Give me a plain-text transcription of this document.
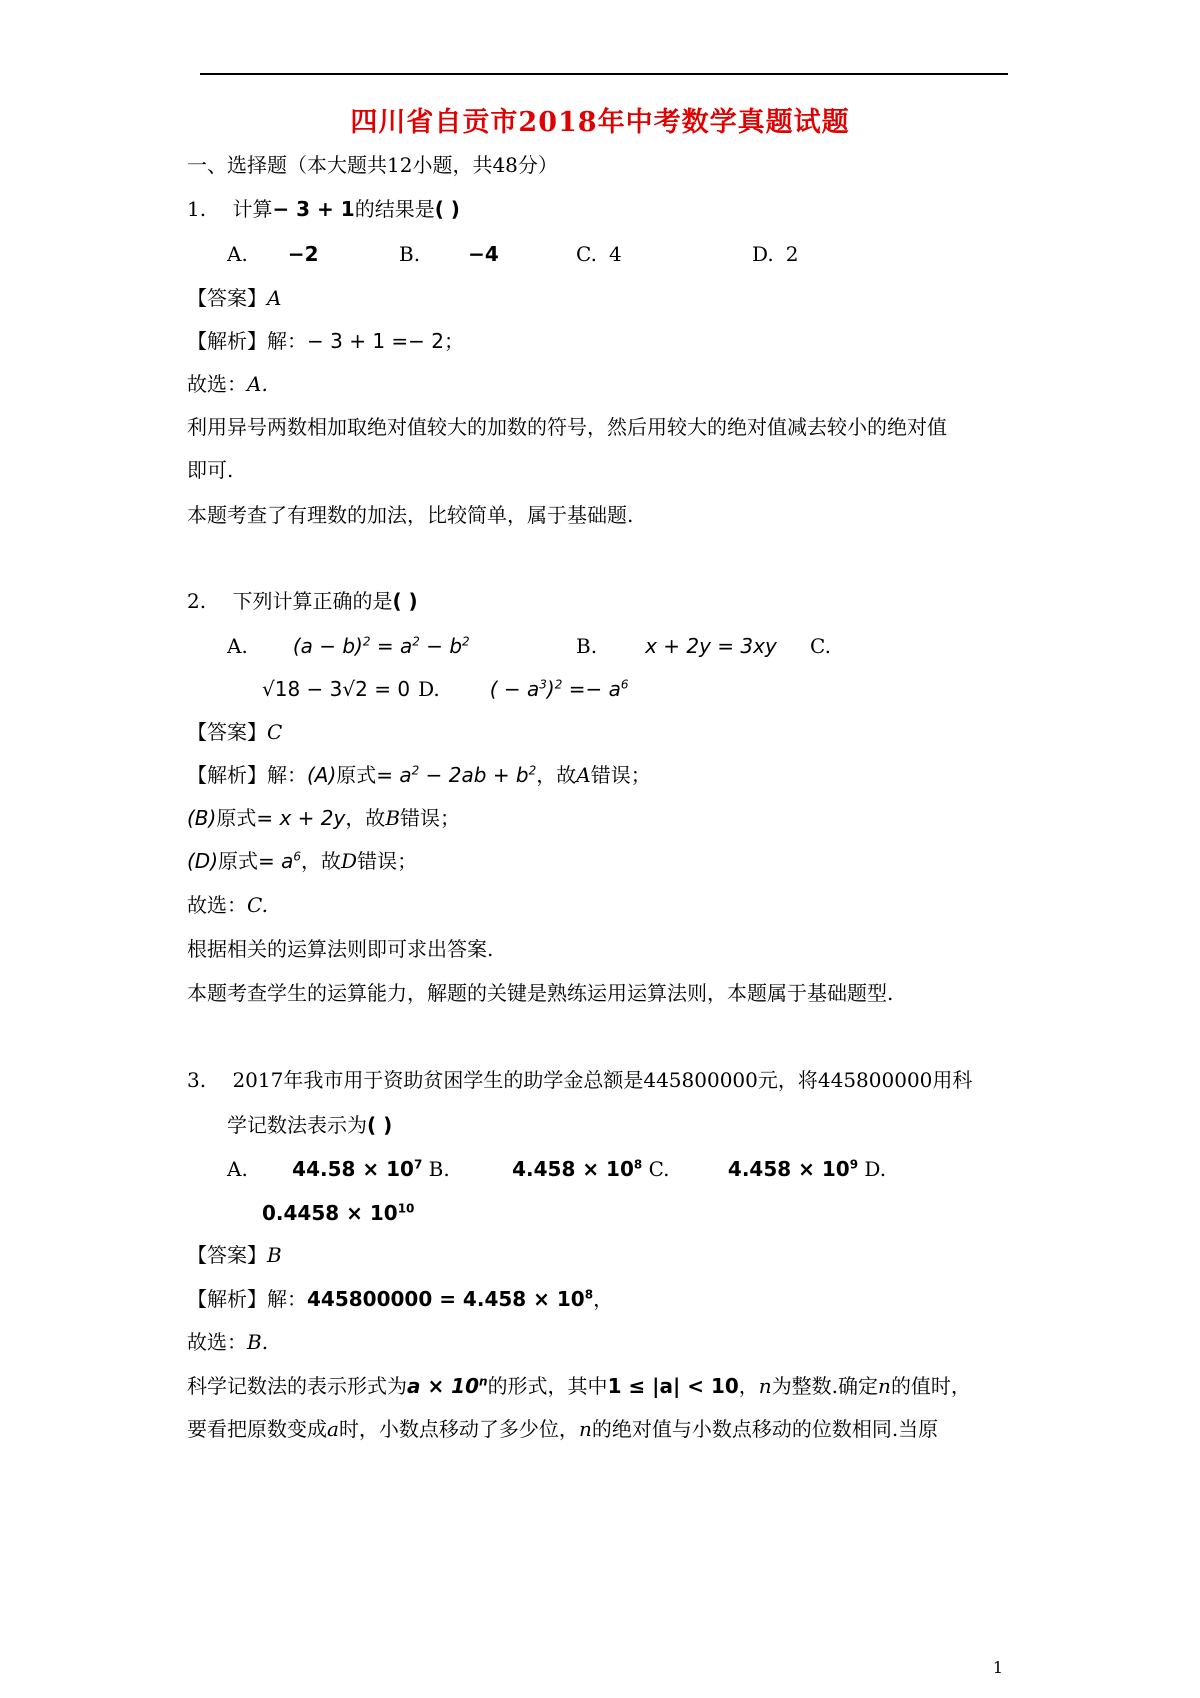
四川省自贡市2018年中考数学真题试题
一、选择题（本大题共12小题，共48分）
1. 计算− 3 + 1的结果是( )
A. −2	B. −4	C. 4	D. 2
【答案】A
【解析】解：− 3 + 1 =− 2；
故选：A.
利用异号两数相加取绝对值较大的加数的符号，然后用较大的绝对值减去较小的绝对值
即可.
本题考查了有理数的加法，比较简单，属于基础题.
2. 下列计算正确的是( )
A. $(a - b)^2 = a^2 - b^2$	B. x + 2y = 3xy C.
√18 − 3√2 = 0 D.	( − $a^3)^2 =- a^6$
【答案】C
【解析】解：(A)原式= $a^2 - 2ab + b^2$，故A错误；
(B)原式= x + 2y，故B错误；
(D)原式= $a^6$，故D错误；
故选：C.
根据相关的运算法则即可求出答案.
本题考查学生的运算能力，解题的关键是熟练运用运算法则，本题属于基础题型.
3. 2017年我市用于资助贫困学生的助学金总额是445800000元，将445800000用科
学记数法表示为( )
A. $44.58 \times 10^7$ B.	$4.458 \times 10^8$ C.	$4.458 \times 10^9$ D.
$0.4458 \times 10^{10}$
【答案】B
【解析】解：$445800000 = 4.458 \times 10^8$，
故选：B.
科学记数法的表示形式为$a \times 10^n$的形式，其中1 ≤ |a| < 10，n为整数.确定n的值时，
要看把原数变成a时，小数点移动了多少位，n的绝对值与小数点移动的位数相同.当原
1
